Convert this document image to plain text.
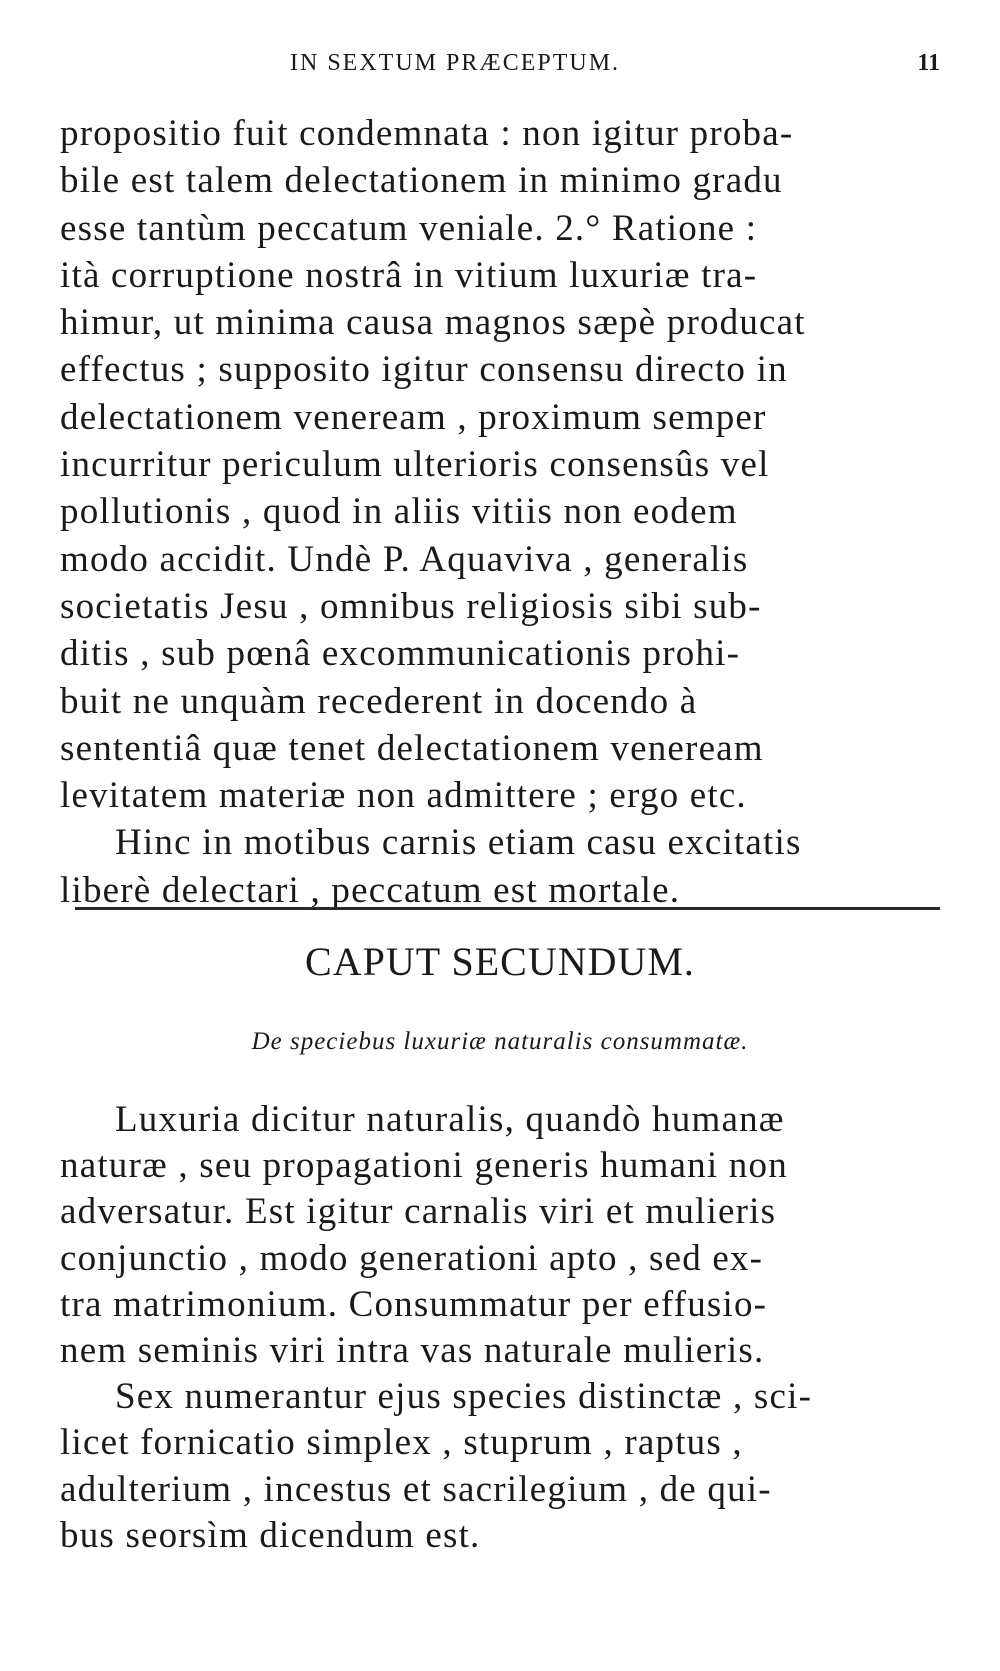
IN SEXTUM PRÆCEPTUM.	11
propositio fuit condemnata : non igitur proba-
bile est talem delectationem in minimo gradu
esse tantùm peccatum veniale. 2.° Ratione :
ità corruptione nostrâ in vitium luxuriæ tra-
himur, ut minima causa magnos sæpè producat
effectus ; supposito igitur consensu directo in
delectationem veneream , proximum semper
incurritur periculum ulterioris consensûs vel
pollutionis , quod in aliis vitiis non eodem
modo accidit. Undè P. Aquaviva , generalis
societatis Jesu , omnibus religiosis sibi sub-
ditis , sub pœnâ excommunicationis prohi-
buit ne unquàm recederent in docendo à
sententiâ quæ tenet delectationem veneream
levitatem materiæ non admittere ; ergo etc.
Hinc in motibus carnis etiam casu excitatis
liberè delectari , peccatum est mortale.
CAPUT SECUNDUM.
De speciebus luxuriæ naturalis consummatæ.
Luxuria dicitur naturalis, quandò humanæ
naturæ , seu propagationi generis humani non
adversatur. Est igitur carnalis viri et mulieris
conjunctio , modo generationi apto , sed ex-
tra matrimonium. Consummatur per effusio-
nem seminis viri intra vas naturale mulieris.
Sex numerantur ejus species distinctæ , sci-
licet fornicatio simplex , stuprum , raptus ,
adulterium , incestus et sacrilegium , de qui-
bus seorsìm dicendum est.
